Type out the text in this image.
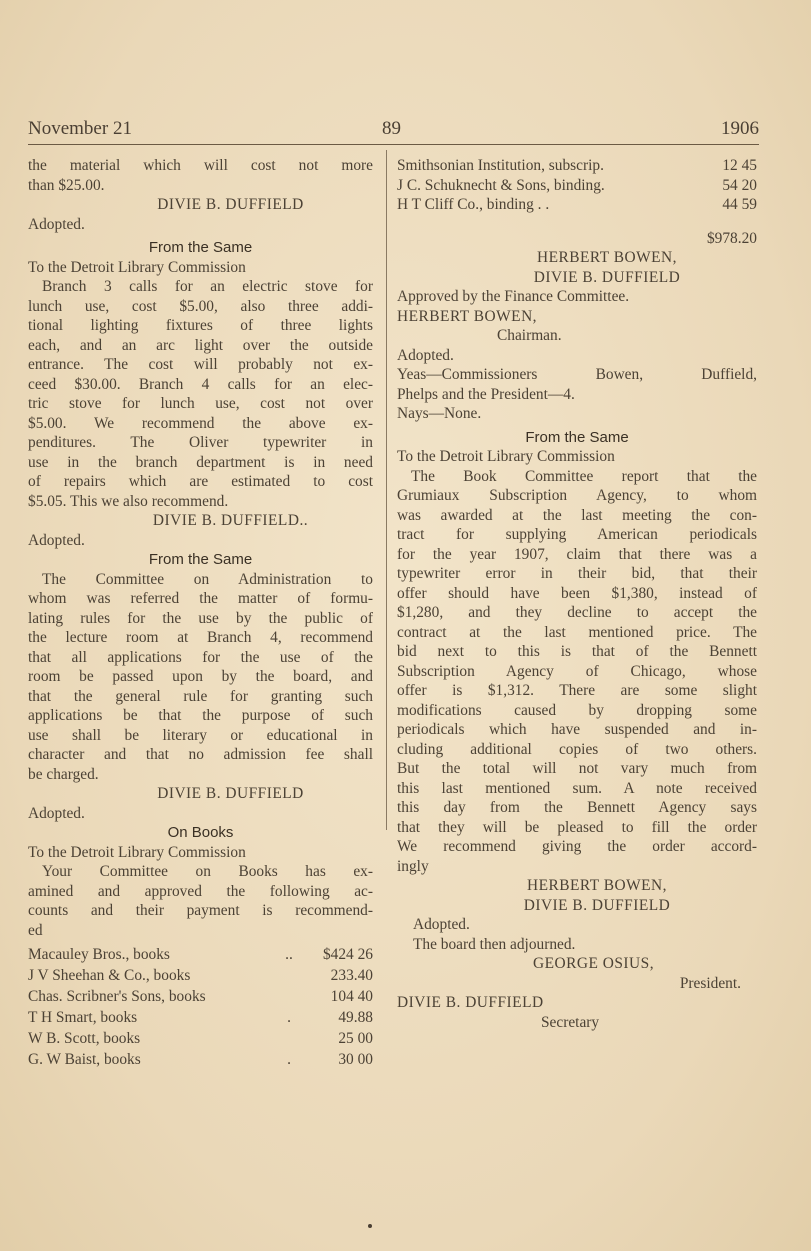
November 21	89	1906
the material which will cost not more
than $25.00.
DIVIE B. DUFFIELD
Adopted.
From the Same
To the Detroit Library Commission
Branch 3 calls for an electric stove for
lunch use, cost $5.00, also three addi-
tional lighting fixtures of three lights
each, and an arc light over the outside
entrance. The cost will probably not ex-
ceed $30.00. Branch 4 calls for an elec-
tric stove for lunch use, cost not over
$5.00. We recommend the above ex-
penditures. The Oliver typewriter in
use in the branch department is in need
of repairs which are estimated to cost
$5.05. This we also recommend.
DIVIE B. DUFFIELD..
Adopted.
From the Same
The Committee on Administration to
whom was referred the matter of formu-
lating rules for the use by the public of
the lecture room at Branch 4, recommend
that all applications for the use of the
room be passed upon by the board, and
that the general rule for granting such
applications be that the purpose of such
use shall be literary or educational in
character and that no admission fee shall
be charged.
DIVIE B. DUFFIELD
Adopted.
On Books
To the Detroit Library Commission
Your Committee on Books has ex-
amined and approved the following ac-
counts and their payment is recommend-
ed
Macauley Bros., books	..	$424 26
J V Sheehan & Co., books	233.40
Chas. Scribner's Sons, books	104 40
T H Smart, books	.	49.88
W B. Scott, books	25 00
G. W Baist, books	.	30 00
Smithsonian Institution, subscrip.	12 45
J C. Schuknecht & Sons, binding.	54 20
H T Cliff Co., binding . .	44 59
$978.20
HERBERT BOWEN,
DIVIE B. DUFFIELD
Approved by the Finance Committee.
HERBERT BOWEN,
Chairman.
Adopted.
Yeas—Commissioners Bowen, Duffield,
Phelps and the President—4.
Nays—None.
From the Same
To the Detroit Library Commission
The Book Committee report that the
Grumiaux Subscription Agency, to whom
was awarded at the last meeting the con-
tract for supplying American periodicals
for the year 1907, claim that there was a
typewriter error in their bid, that their
offer should have been $1,380, instead of
$1,280, and they decline to accept the
contract at the last mentioned price. The
bid next to this is that of the Bennett
Subscription Agency of Chicago, whose
offer is $1,312. There are some slight
modifications caused by dropping some
periodicals which have suspended and in-
cluding additional copies of two others.
But the total will not vary much from
this last mentioned sum. A note received
this day from the Bennett Agency says
that they will be pleased to fill the order
We recommend giving the order accord-
ingly
HERBERT BOWEN,
DIVIE B. DUFFIELD
Adopted.
The board then adjourned.
GEORGE OSIUS,
President.
DIVIE B. DUFFIELD
Secretary
